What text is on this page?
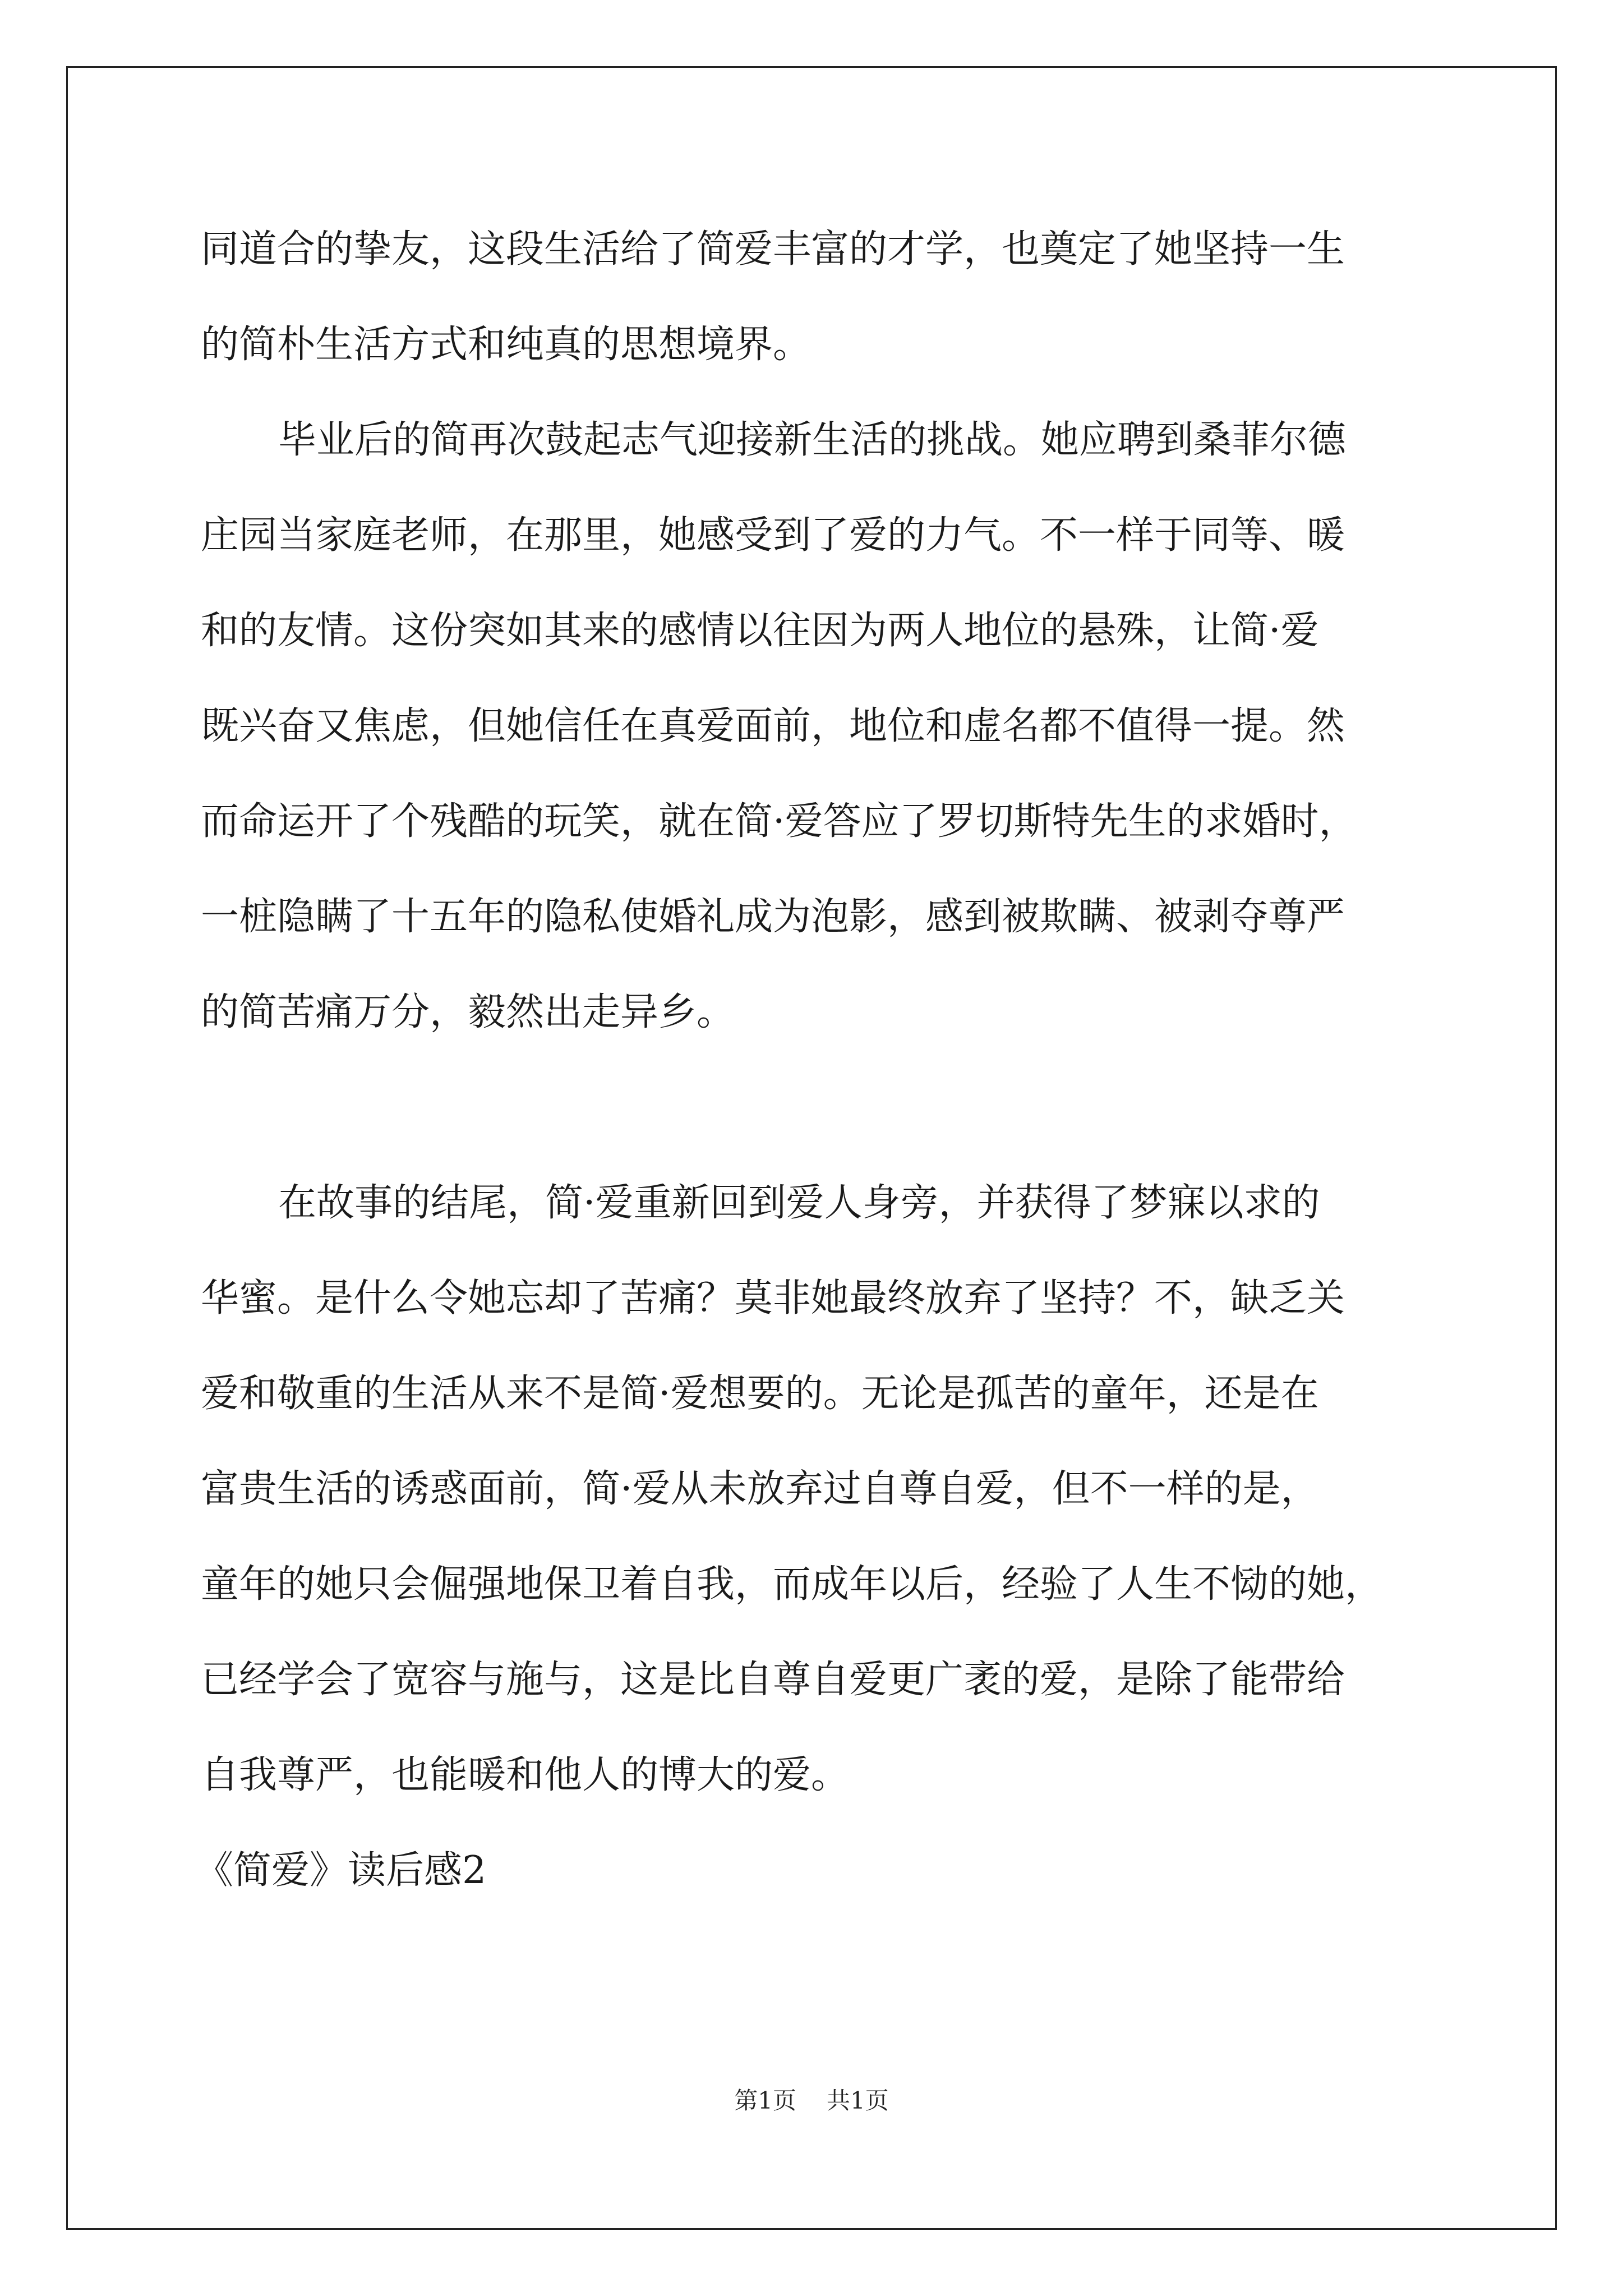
同道合的挚友，这段生活给了简爱丰富的才学，也奠定了她坚持一生
的简朴生活方式和纯真的思想境界。
毕业后的简再次鼓起志气迎接新生活的挑战。她应聘到桑菲尔德
庄园当家庭老师，在那里，她感受到了爱的力气。不一样于同等、暖
和的友情。这份突如其来的感情以往因为两人地位的悬殊，让简·爱
既兴奋又焦虑，但她信任在真爱面前，地位和虚名都不值得一提。然
而命运开了个残酷的玩笑，就在简·爱答应了罗切斯特先生的求婚时，
一桩隐瞒了十五年的隐私使婚礼成为泡影，感到被欺瞒、被剥夺尊严
的简苦痛万分，毅然出走异乡。
在故事的结尾，简·爱重新回到爱人身旁，并获得了梦寐以求的
华蜜。是什么令她忘却了苦痛？莫非她最终放弃了坚持？不，缺乏关
爱和敬重的生活从来不是简·爱想要的。无论是孤苦的童年，还是在
富贵生活的诱惑面前，简·爱从未放弃过自尊自爱，但不一样的是，
童年的她只会倔强地保卫着自我，而成年以后，经验了人生不恸的她，
已经学会了宽容与施与，这是比自尊自爱更广袤的爱，是除了能带给
自我尊严，也能暖和他人的博大的爱。
《简爱》读后感2
第1页 共1页
